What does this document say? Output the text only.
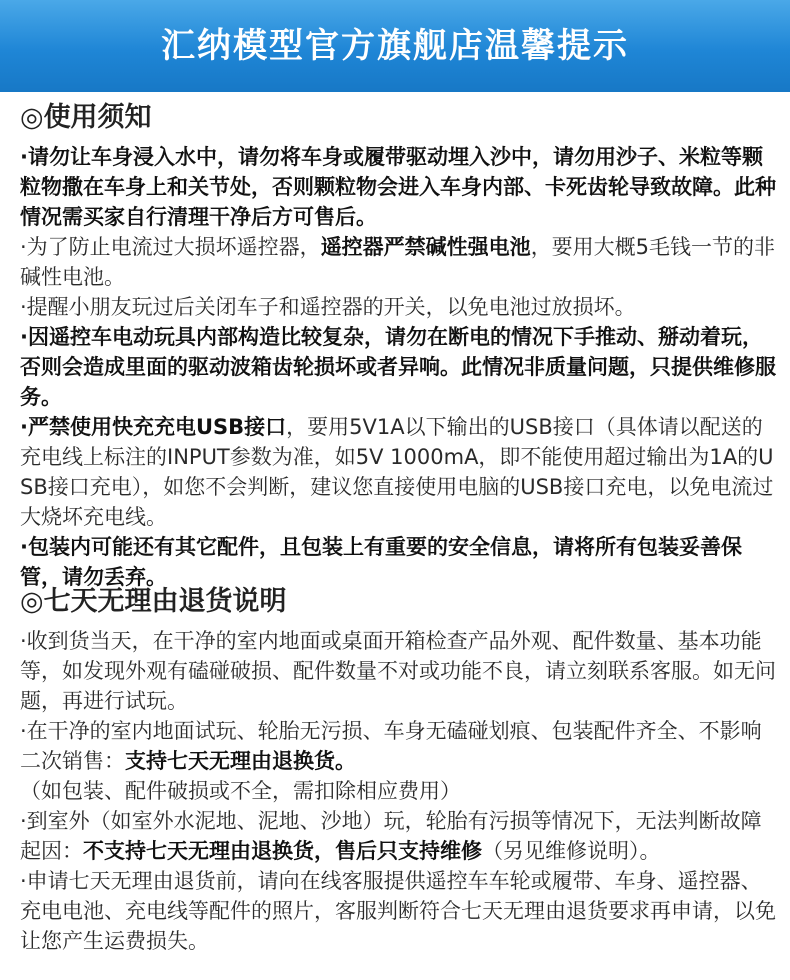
汇纳模型官方旗舰店温馨提示
◎使用须知
·请勿让车身浸入水中，请勿将车身或履带驱动埋入沙中，请勿用沙子、米粒等颗粒物撒在车身上和关节处，否则颗粒物会进入车身内部、卡死齿轮导致故障。此种情况需买家自行清理干净后方可售后。
·为了防止电流过大损坏遥控器，遥控器严禁碱性强电池，要用大概5毛钱一节的非碱性电池。
·提醒小朋友玩过后关闭车子和遥控器的开关，以免电池过放损坏。
·因遥控车电动玩具内部构造比较复杂，请勿在断电的情况下手推动、掰动着玩，否则会造成里面的驱动波箱齿轮损坏或者异响。此情况非质量问题，只提供维修服务。
·严禁使用快充充电USB接口，要用5V1A以下输出的USB接口（具体请以配送的充电线上标注的INPUT参数为准，如5V 1000mA，即不能使用超过输出为1A的USB接口充电），如您不会判断，建议您直接使用电脑的USB接口充电，以免电流过大烧坏充电线。
·包装内可能还有其它配件，且包装上有重要的安全信息，请将所有包装妥善保管，请勿丢弃。
◎七天无理由退货说明
·收到货当天，在干净的室内地面或桌面开箱检查产品外观、配件数量、基本功能等，如发现外观有磕碰破损、配件数量不对或功能不良，请立刻联系客服。如无问题，再进行试玩。
·在干净的室内地面试玩、轮胎无污损、车身无磕碰划痕、包装配件齐全、不影响二次销售：支持七天无理由退换货。（如包装、配件破损或不全，需扣除相应费用）
·到室外（如室外水泥地、泥地、沙地）玩，轮胎有污损等情况下，无法判断故障起因：不支持七天无理由退换货，售后只支持维修（另见维修说明）。
·申请七天无理由退货前，请向在线客服提供遥控车车轮或履带、车身、遥控器、充电电池、充电线等配件的照片，客服判断符合七天无理由退货要求再申请，以免让您产生运费损失。
